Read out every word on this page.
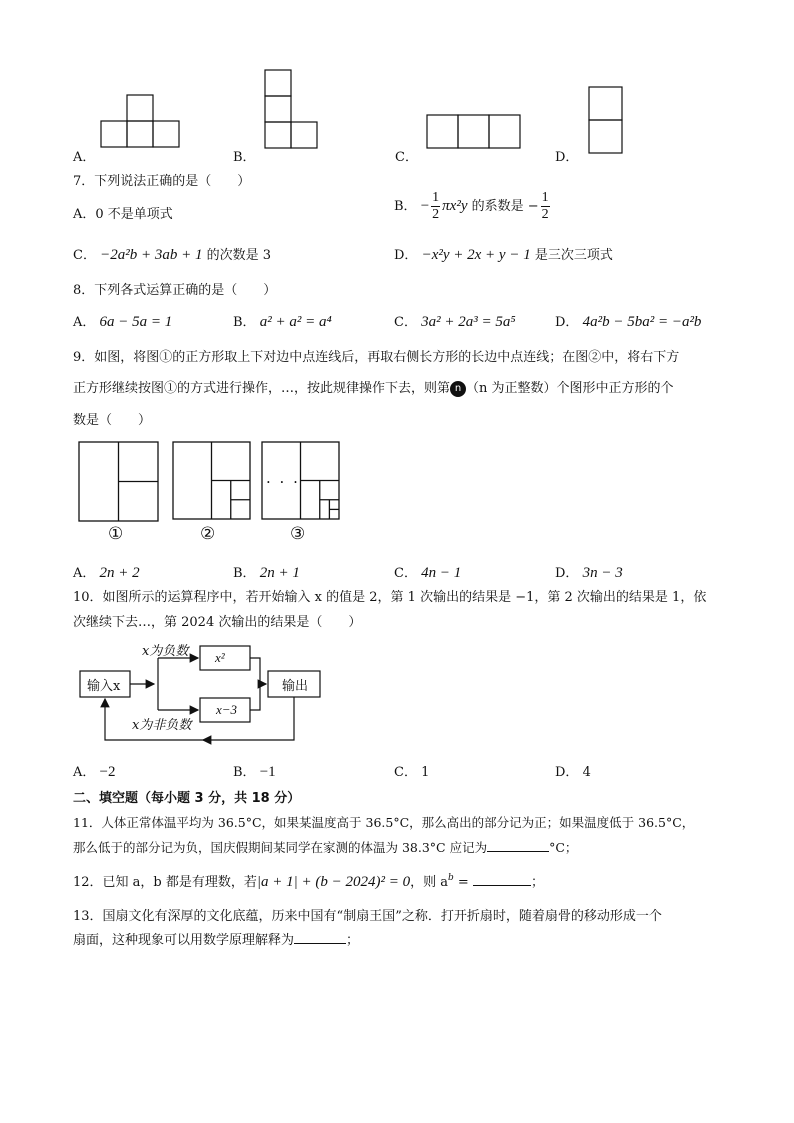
A．	B．	C．	D．
7．下列说法正确的是（　　）
A．0 不是单项式
B． − $\frac{1}{2} \pi x^2y$ 的系数是 − $\frac{1}{2}$
C． −2a²b + 3ab + 1 的次数是 3	D． −x²y + 2x + y − 1 是三次三项式
8．下列各式运算正确的是（　　）
A． 6a − 5a = 1	B． a² + a² = a⁴	C． 3a² + 2a³ = 5a⁵	D． 4a²b − 5ba² = −a²b
9．如图，将图①的正方形取上下对边中点连线后，再取右侧长方形的长边中点连线；在图②中，将右下方
正方形继续按图①的方式进行操作，…，按此规律操作下去，则第 n （n 为正整数）个图形中正方形的个
数是（　　）
· · ·
①	②	③
A． 2n + 2	B． 2n + 1	C． 4n − 1	D． 3n − 3
10．如图所示的运算程序中，若开始输入 x 的值是 2，第 1 次输出的结果是 −1，第 2 次输出的结果是 1，依
次继续下去…，第 2024 次输出的结果是（　　）
输入x
x为负数 x²
x为非负数
x−3
输出
A． −2	B． −1	C． 1	D． 4
二、填空题（每小题 3 分，共 18 分）
11．人体正常体温平均为 36.5°C，如果某温度高于 36.5°C，那么高出的部分记为正；如果温度低于 36.5°C，
那么低于的部分记为负，国庆假期间某同学在家测的体温为 38.3°C 应记为	°C；
12．已知 a，b 都是有理数，若|a + 1| + (b − 2024)² = 0，则 $a^b$ =	；
13．国扇文化有深厚的文化底蕴，历来中国有“制扇王国”之称．打开折扇时，随着扇骨的移动形成一个
扇面，这种现象可以用数学原理解释为	；
